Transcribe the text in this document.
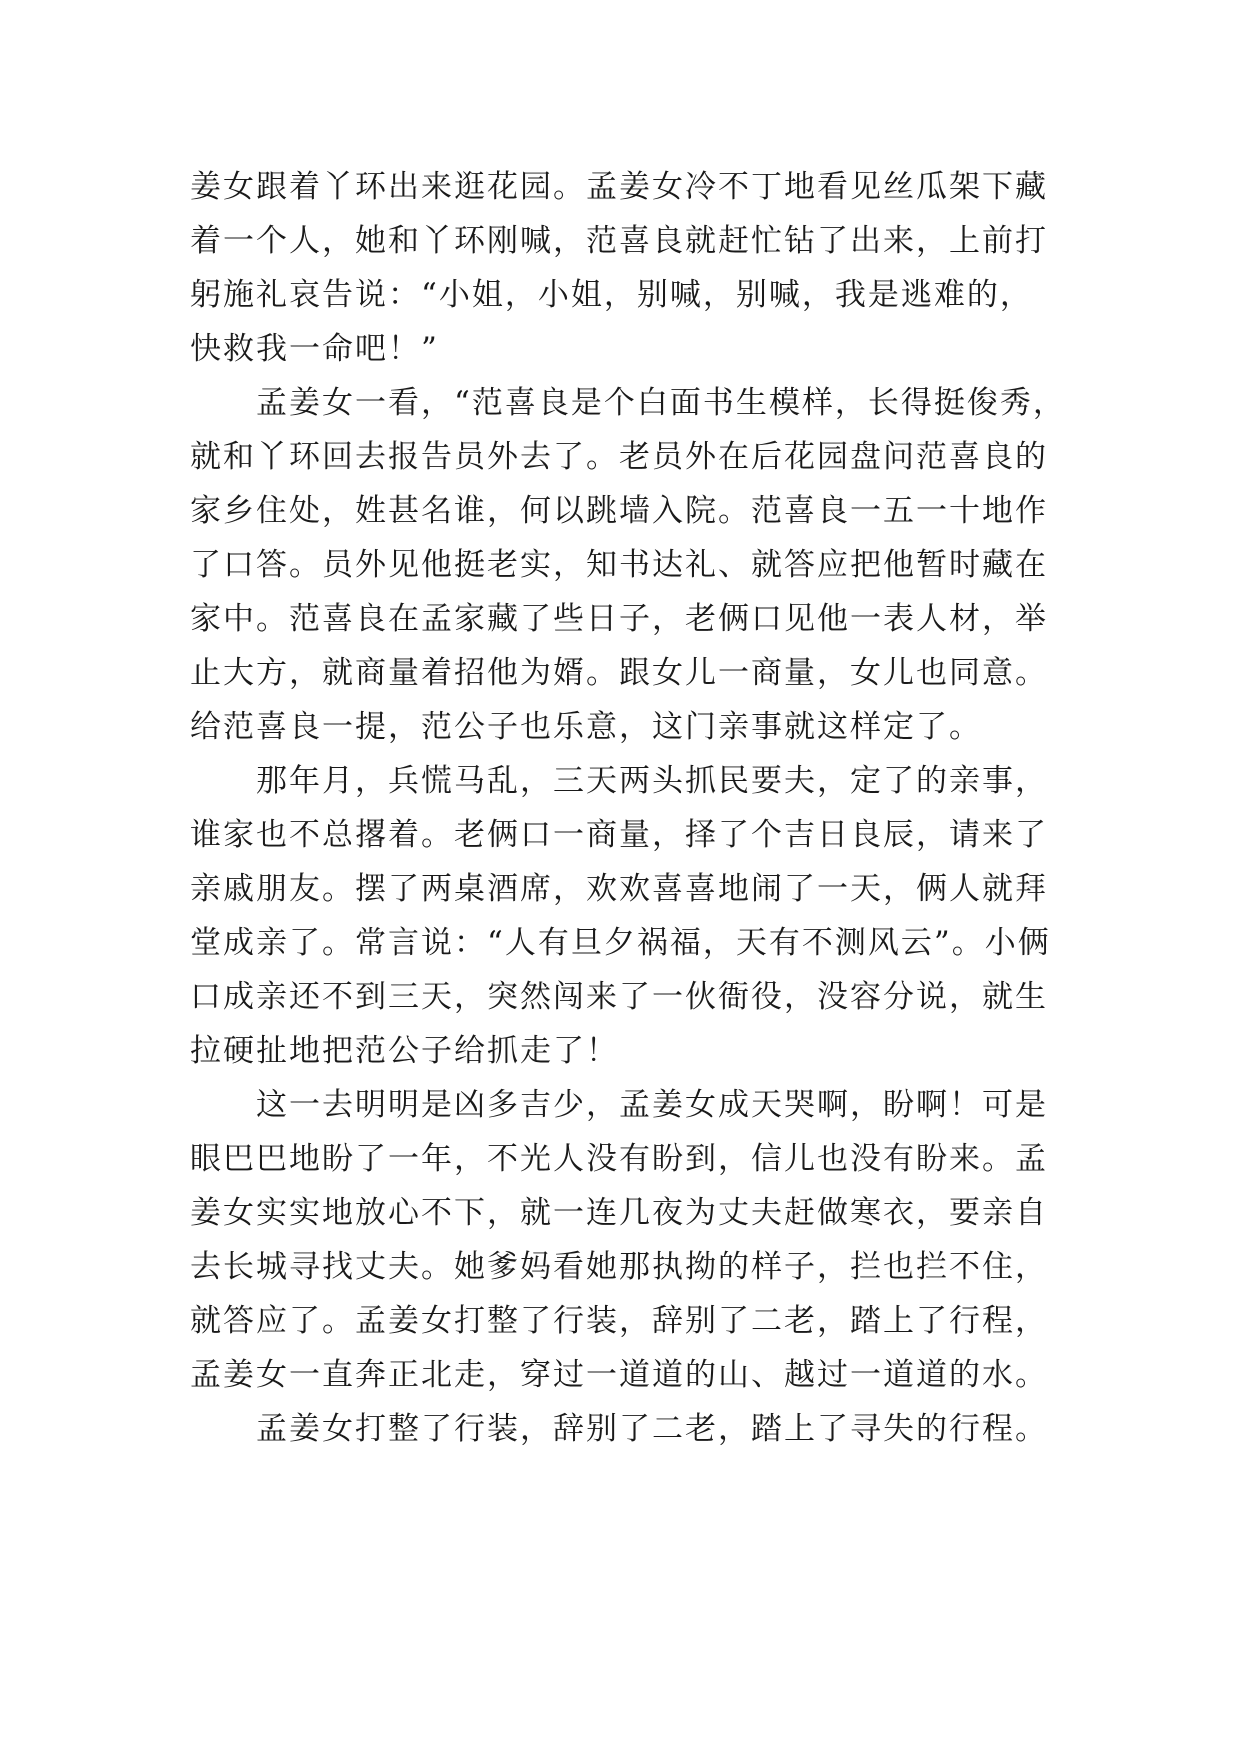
姜女跟着丫环出来逛花园。孟姜女冷不丁地看见丝瓜架下藏
着一个人，她和丫环刚喊，范喜良就赶忙钻了出来，上前打
躬施礼哀告说：“小姐，小姐，别喊，别喊，我是逃难的，
快救我一命吧！”
孟姜女一看，“范喜良是个白面书生模样，长得挺俊秀，
就和丫环回去报告员外去了。老员外在后花园盘问范喜良的
家乡住处，姓甚名谁，何以跳墙入院。范喜良一五一十地作
了口答。员外见他挺老实，知书达礼、就答应把他暂时藏在
家中。范喜良在孟家藏了些日子，老俩口见他一表人材，举
止大方，就商量着招他为婿。跟女儿一商量，女儿也同意。
给范喜良一提，范公子也乐意，这门亲事就这样定了。
那年月，兵慌马乱，三天两头抓民要夫，定了的亲事，
谁家也不总撂着。老俩口一商量，择了个吉日良辰，请来了
亲戚朋友。摆了两桌酒席，欢欢喜喜地闹了一天，俩人就拜
堂成亲了。常言说：“人有旦夕祸福，天有不测风云”。小俩
口成亲还不到三天，突然闯来了一伙衙役，没容分说，就生
拉硬扯地把范公子给抓走了！
这一去明明是凶多吉少，孟姜女成天哭啊，盼啊！可是
眼巴巴地盼了一年，不光人没有盼到，信儿也没有盼来。孟
姜女实实地放心不下，就一连几夜为丈夫赶做寒衣，要亲自
去长城寻找丈夫。她爹妈看她那执拗的样子，拦也拦不住，
就答应了。孟姜女打整了行装，辞别了二老，踏上了行程，
孟姜女一直奔正北走，穿过一道道的山、越过一道道的水。
孟姜女打整了行装，辞别了二老，踏上了寻失的行程。
